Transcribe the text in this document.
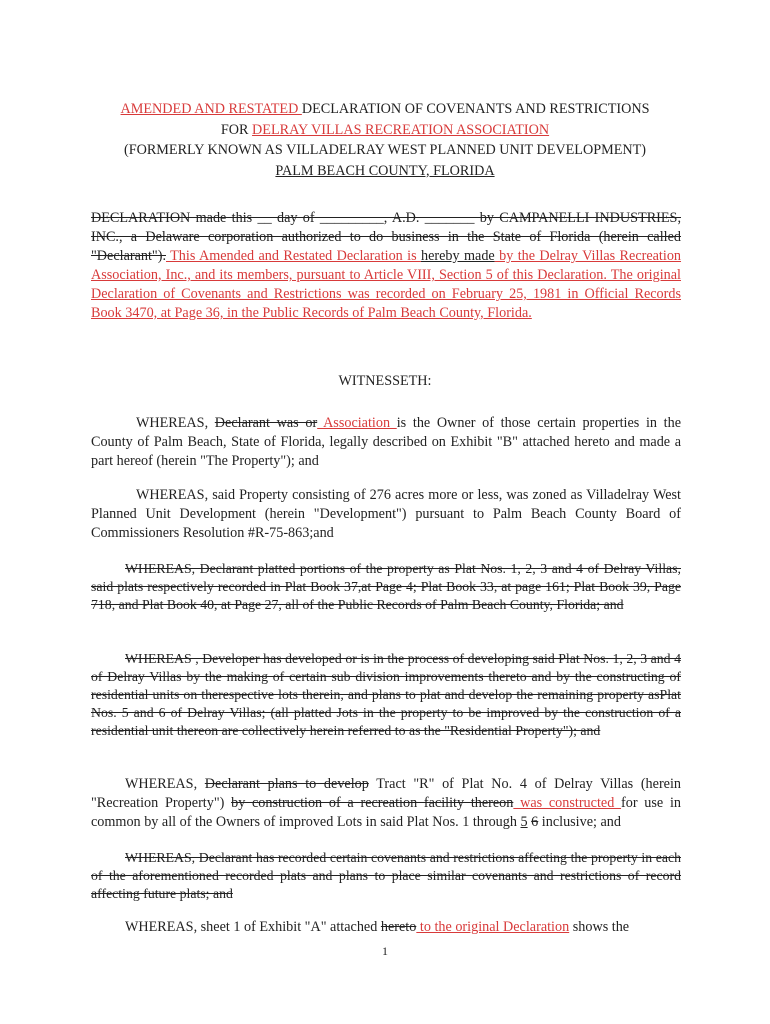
AMENDED AND RESTATED DECLARATION OF COVENANTS AND RESTRICTIONS
FOR DELRAY VILLAS RECREATION ASSOCIATION
(FORMERLY KNOWN AS VILLADELRAY WEST PLANNED UNIT DEVELOPMENT)
PALM BEACH COUNTY, FLORIDA
DECLARATION made this __ day of _________, A.D. _______ by CAMPANELLI INDUSTRIES, INC., a Delaware corporation authorized to do business in the State of Florida (herein called "Declarant"). This Amended and Restated Declaration is hereby made by the Delray Villas Recreation Association, Inc., and its members, pursuant to Article VIII, Section 5 of this Declaration. The original Declaration of Covenants and Restrictions was recorded on February 25, 1981 in Official Records Book 3470, at Page 36, in the Public Records of Palm Beach County, Florida.
WITNESSETH:
WHEREAS, Declarant was or Association is the Owner of those certain properties in the County of Palm Beach, State of Florida, legally described on Exhibit "B" attached hereto and made a part hereof (herein "The Property"); and
WHEREAS, said Property consisting of 276 acres more or less, was zoned as Villadelray West Planned Unit Development (herein "Development") pursuant to Palm Beach County Board of Commissioners Resolution #R-75-863;and
WHEREAS, Declarant platted portions of the property as Plat Nos. 1, 2, 3 and 4 of Delray Villas, said plats respectively recorded in Plat Book 37,at Page 4; Plat Book 33, at page 161; Plat Book 39, Page 718, and Plat Book 40, at Page 27, all of the Public Records of Palm Beach County, Florida; and
WHEREAS , Developer has developed or is in the process of developing said Plat Nos. 1, 2, 3 and 4 of Delray Villas by the making of certain sub division improvements thereto and by the constructing of residential units on therespective lots therein, and plans to plat and develop the remaining property asPlat Nos. 5 and 6 of Delray Villas; (all platted Jots in the property to be improved by the construction of a residential unit thereon are collectively herein referred to as the "Residential Property"); and
WHEREAS, Declarant plans to develop Tract "R" of Plat No. 4 of Delray Villas (herein "Recreation Property") by construction of a recreation facility thereon was constructed for use in common by all of the Owners of improved Lots in said Plat Nos. 1 through 5 6 inclusive; and
WHEREAS, Declarant has recorded certain covenants and restrictions affecting the property in each of the aforementioned recorded plats and plans to place similar covenants and restrictions of record affecting future plats; and
WHEREAS, sheet 1 of Exhibit "A" attached hereto to the original Declaration shows the
1
